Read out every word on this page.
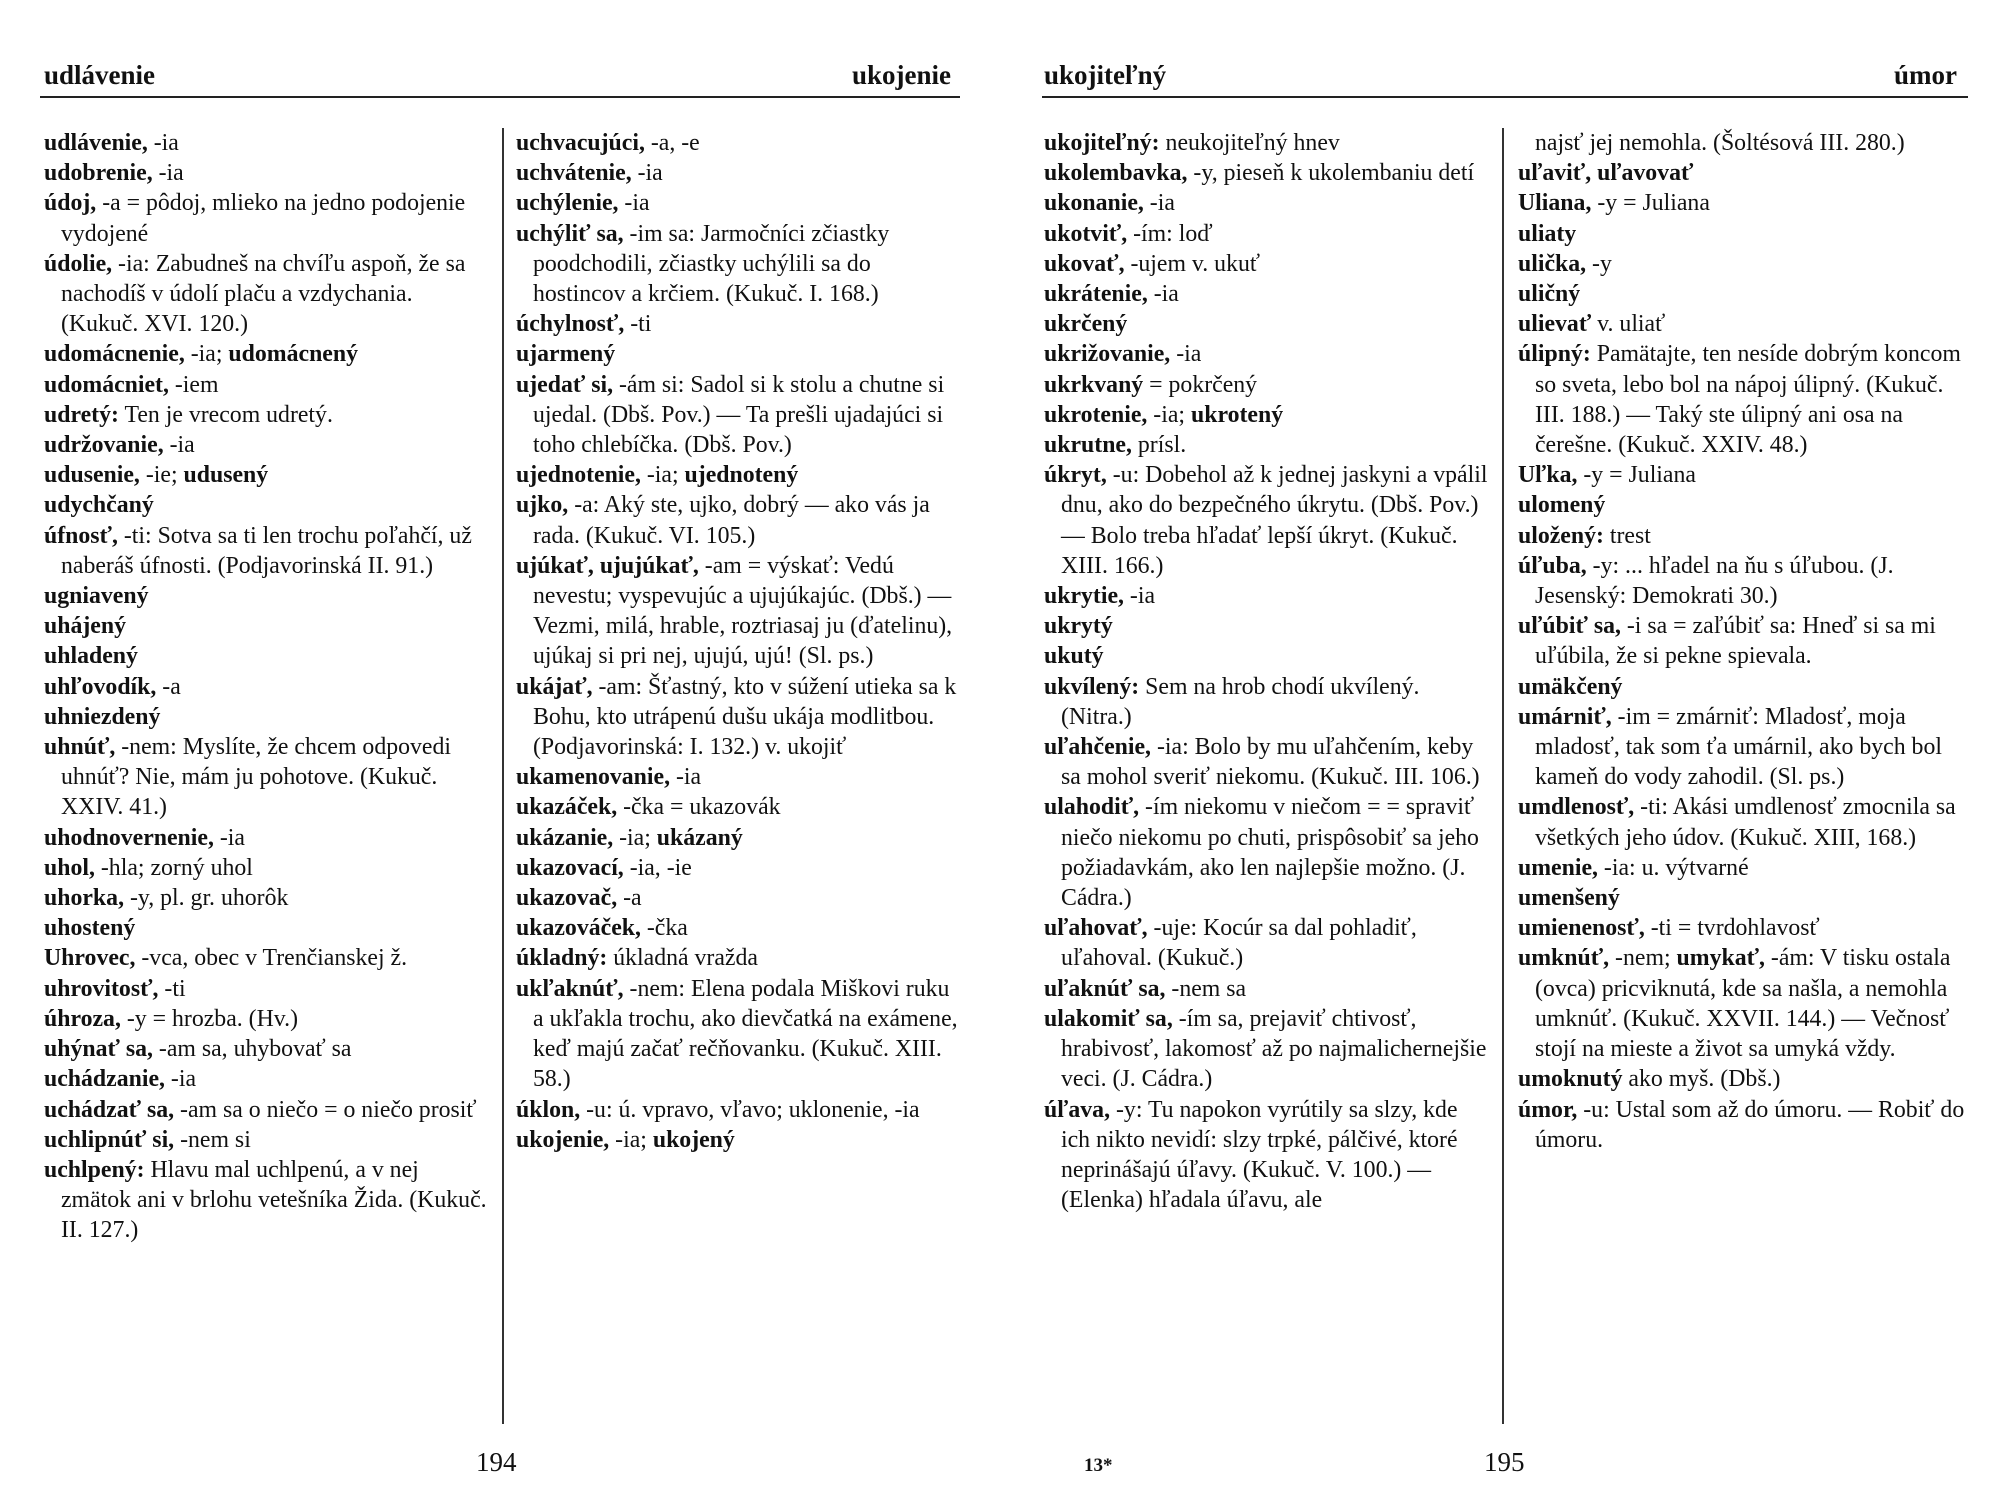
udlávenie	ukojenie
udlávenie, -ia
udobrenie, -ia
údoj, -a = pôdoj, mlieko na jedno podojenie vydojené
údolie, -ia: Zabudneš na chvíľu aspoň, že sa nachodíš v údolí plaču a vzdychania. (Kukuč. XVI. 120.)
udomácnenie, -ia; udomácnený
udomácniet, -iem
udretý: Ten je vrecom udretý.
udržovanie, -ia
udusenie, -ie; udusený
udychčaný
úfnosť, -ti: Sotva sa ti len trochu poľahčí, už naberáš úfnosti. (Podjavorinská II. 91.)
ugniavený
uhájený
uhladený
uhľovodík, -a
uhniezdený
uhnúť, -nem: Myslíte, že chcem odpovedi uhnúť? Nie, mám ju pohotove. (Kukuč. XXIV. 41.)
uhodnovernenie, -ia
uhol, -hla; zorný uhol
uhorka, -y, pl. gr. uhorôk
uhostený
Uhrovec, -vca, obec v Trenčianskej ž.
uhrovitosť, -ti
úhroza, -y = hrozba. (Hv.)
uhýnať sa, -am sa, uhybovať sa
uchádzanie, -ia
uchádzať sa, -am sa o niečo = o niečo prosiť
uchlipnúť si, -nem si
uchlpený: Hlavu mal uchlpenú, a v nej zmätok ani v brlohu vetešníka Žida. (Kukuč. II. 127.)
uchvacujúci, -a, -e
uchvátenie, -ia
uchýlenie, -ia
uchýliť sa, -im sa: Jarmočníci zčiastky poodchodili, zčiastky uchýlili sa do hostincov a krčiem. (Kukuč. I. 168.)
úchylnosť, -ti
ujarmený
ujedať si, -ám si: Sadol si k stolu a chutne si ujedal. (Dbš. Pov.) — Ta prešli ujadajúci si toho chlebíčka. (Dbš. Pov.)
ujednotenie, -ia; ujednotený
ujko, -a: Aký ste, ujko, dobrý — ako vás ja rada. (Kukuč. VI. 105.)
ujúkať, ujujúkať, -am = výskať: Vedú nevestu; vyspevujúc a ujujúkajúc. (Dbš.) — Vezmi, milá, hrable, roztriasaj ju (ďatelinu), ujúkaj si pri nej, ujujú, ujú! (Sl. ps.)
ukájať, -am: Šťastný, kto v súžení utieka sa k Bohu, kto utrápenú dušu ukája modlitbou. (Podjavorinská: I. 132.) v. ukojiť
ukamenovanie, -ia
ukazáček, -čka = ukazovák
ukázanie, -ia; ukázaný
ukazovací, -ia, -ie
ukazovač, -a
ukazováček, -čka
úkladný: úkladná vražda
ukľaknúť, -nem: Elena podala Miškovi ruku a ukľakla trochu, ako dievčatká na exámene, keď majú začať rečňovanku. (Kukuč. XIII. 58.)
úklon, -u: ú. vpravo, vľavo; uklonenie, -ia
ukojenie, -ia; ukojený
194
ukojiteľný	úmor
ukojiteľný: neukojiteľný hnev
ukolembavka, -y, pieseň k ukolembaniu detí
ukonanie, -ia
ukotviť, -ím: loď
ukovať, -ujem v. ukuť
ukrátenie, -ia
ukrčený
ukrižovanie, -ia
ukrkvaný = pokrčený
ukrotenie, -ia; ukrotený
ukrutne, prísl.
úkryt, -u: Dobehol až k jednej jaskyni a vpálil dnu, ako do bezpečného úkrytu. (Dbš. Pov.) — Bolo treba hľadať lepší úkryt. (Kukuč. XIII. 166.)
ukrytie, -ia
ukrytý
ukutý
ukvílený: Sem na hrob chodí ukvílený. (Nitra.)
uľahčenie, -ia: Bolo by mu uľahčením, keby sa mohol sveriť niekomu. (Kukuč. III. 106.)
ulahodiť, -ím niekomu v niečom = = spraviť niečo niekomu po chuti, prispôsobiť sa jeho požiadavkám, ako len najlepšie možno. (J. Cádra.)
uľahovať, -uje: Kocúr sa dal pohladiť, uľahoval. (Kukuč.)
uľaknúť sa, -nem sa
ulakomiť sa, -ím sa, prejaviť chtivosť, hrabivosť, lakomosť až po najmalichernejšie veci. (J. Cádra.)
úľava, -y: Tu napokon vyrútily sa slzy, kde ich nikto nevidí: slzy trpké, pálčivé, ktoré neprinášajú úľavy. (Kukuč. V. 100.) — (Elenka) hľadala úľavu, ale
najsť jej nemohla. (Šoltésová III. 280.)
uľaviť, uľavovať
Uliana, -y = Juliana
uliaty
ulička, -y
uličný
ulievať v. uliať
úlipný: Pamätajte, ten nesíde dobrým koncom so sveta, lebo bol na nápoj úlipný. (Kukuč. III. 188.) — Taký ste úlipný ani osa na čerešne. (Kukuč. XXIV. 48.)
Uľka, -y = Juliana
ulomený
uložený: trest
úľuba, -y: ... hľadel na ňu s úľubou. (J. Jesenský: Demokrati 30.)
uľúbiť sa, -i sa = zaľúbiť sa: Hneď si sa mi uľúbila, že si pekne spievala.
umäkčený
umárniť, -im = zmárniť: Mladosť, moja mladosť, tak som ťa umárnil, ako bych bol kameň do vody zahodil. (Sl. ps.)
umdlenosť, -ti: Akási umdlenosť zmocnila sa všetkých jeho údov. (Kukuč. XIII, 168.)
umenie, -ia: u. výtvarné
umenšený
umienenosť, -ti = tvrdohlavosť
umknúť, -nem; umykať, -ám: V tisku ostala (ovca) pricviknutá, kde sa našla, a nemohla umknúť. (Kukuč. XXVII. 144.) — Večnosť stojí na mieste a život sa umyká vždy.
umoknutý ako myš. (Dbš.)
úmor, -u: Ustal som až do úmoru. — Robiť do úmoru.
13*	195
